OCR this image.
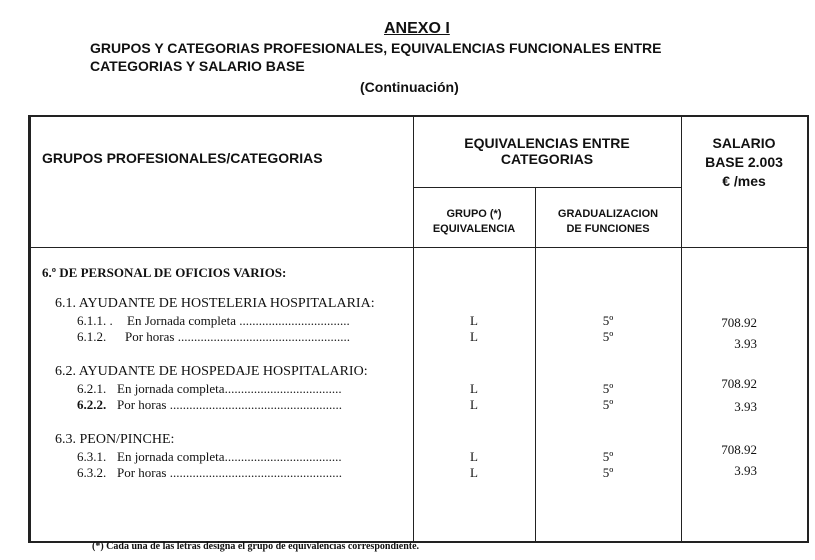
ANEXO I
GRUPOS Y CATEGORIAS PROFESIONALES, EQUIVALENCIAS FUNCIONALES ENTRE
CATEGORIAS Y SALARIO BASE
(Continuación)
GRUPOS PROFESIONALES/CATEGORIAS
EQUIVALENCIAS ENTRE
CATEGORIAS
SALARIO
BASE 2.003
€ /mes
GRUPO (*)
EQUIVALENCIA
GRADUALIZACION
DE FUNCIONES
6.º DE PERSONAL DE OFICIOS VARIOS:
6.1. AYUDANTE DE HOSTELERIA HOSPITALARIA:
6.1.1. . En Jornada completa ..................................	L	5º	708.92
6.1.2. Por horas .....................................................	L	5º	3.93
6.2. AYUDANTE DE HOSPEDAJE HOSPITALARIO:
6.2.1. En jornada completa....................................	L	5º	708.92
6.2.2. Por horas .....................................................	L	5º	3.93
6.3. PEON/PINCHE:
6.3.1. En jornada completa....................................	L	5º	708.92
6.3.2. Por horas .....................................................	L	5º	3.93
(*) Cada una de las letras designa el grupo de equivalencias correspondiente.
